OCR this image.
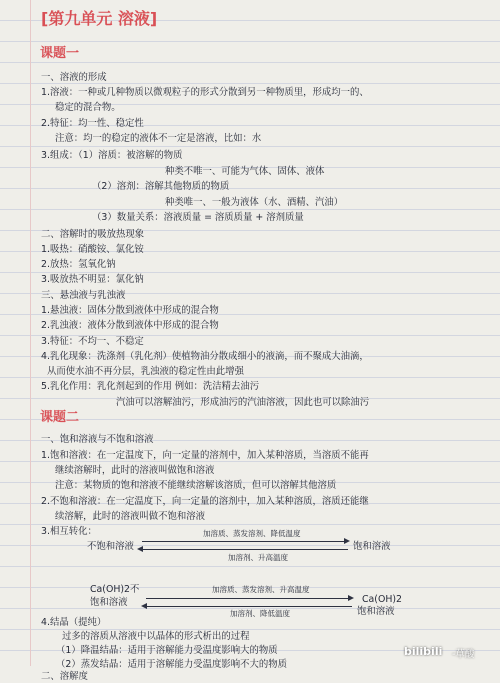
[第九单元 溶液]
课题一
一、溶液的形成
1.溶液：一种或几种物质以微观粒子的形式分散到另一种物质里，形成均一的、
稳定的混合物。
2.特征：均一性、稳定性
注意：均一的稳定的液体不一定是溶液，比如：水
3.组成：（1）溶质：被溶解的物质
种类不唯一、可能为气体、固体、液体
（2）溶剂：溶解其他物质的物质
种类唯一、一般为液体（水、酒精、汽油）
（3）数量关系：溶液质量 = 溶质质量 + 溶剂质量
二、溶解时的吸放热现象
1.吸热：硝酸铵、氯化铵
2.放热：氢氧化钠
3.吸放热不明显：氯化钠
三、悬浊液与乳浊液
1.悬浊液：固体分散到液体中形成的混合物
2.乳浊液：液体分散到液体中形成的混合物
3.特征：不均一、不稳定
4.乳化现象：洗涤剂（乳化剂）使植物油分散成细小的液滴，而不聚成大油滴，
从而使水油不再分层，乳浊液的稳定性由此增强
5.乳化作用：乳化剂起到的作用 例如：洗洁精去油污
汽油可以溶解油污，形成油污的汽油溶液，因此也可以除油污
课题二
一、饱和溶液与不饱和溶液
1.饱和溶液：在一定温度下，向一定量的溶剂中，加入某种溶质，当溶质不能再
继续溶解时，此时的溶液叫做饱和溶液
注意：某物质的饱和溶液不能继续溶解该溶质，但可以溶解其他溶质
2.不饱和溶液：在一定温度下，向一定量的溶剂中，加入某种溶质，溶质还能继
续溶解，此时的溶液叫做不饱和溶液
3.相互转化：	加溶质、蒸发溶剂、降低温度
不饱和溶液	饱和溶液
加溶剂、升高温度
加溶质、蒸发溶剂、升高温度
Ca(OH)2不
饱和溶液	Ca(OH)2
饱和溶液
加溶剂、降低温度
4.结晶（提纯）
过多的溶质从溶液中以晶体的形式析出的过程
（1）降温结晶：适用于溶解能力受温度影响大的物质
（2）蒸发结晶：适用于溶解能力受温度影响不大的物质
二、溶解度
bilibili -草酸
